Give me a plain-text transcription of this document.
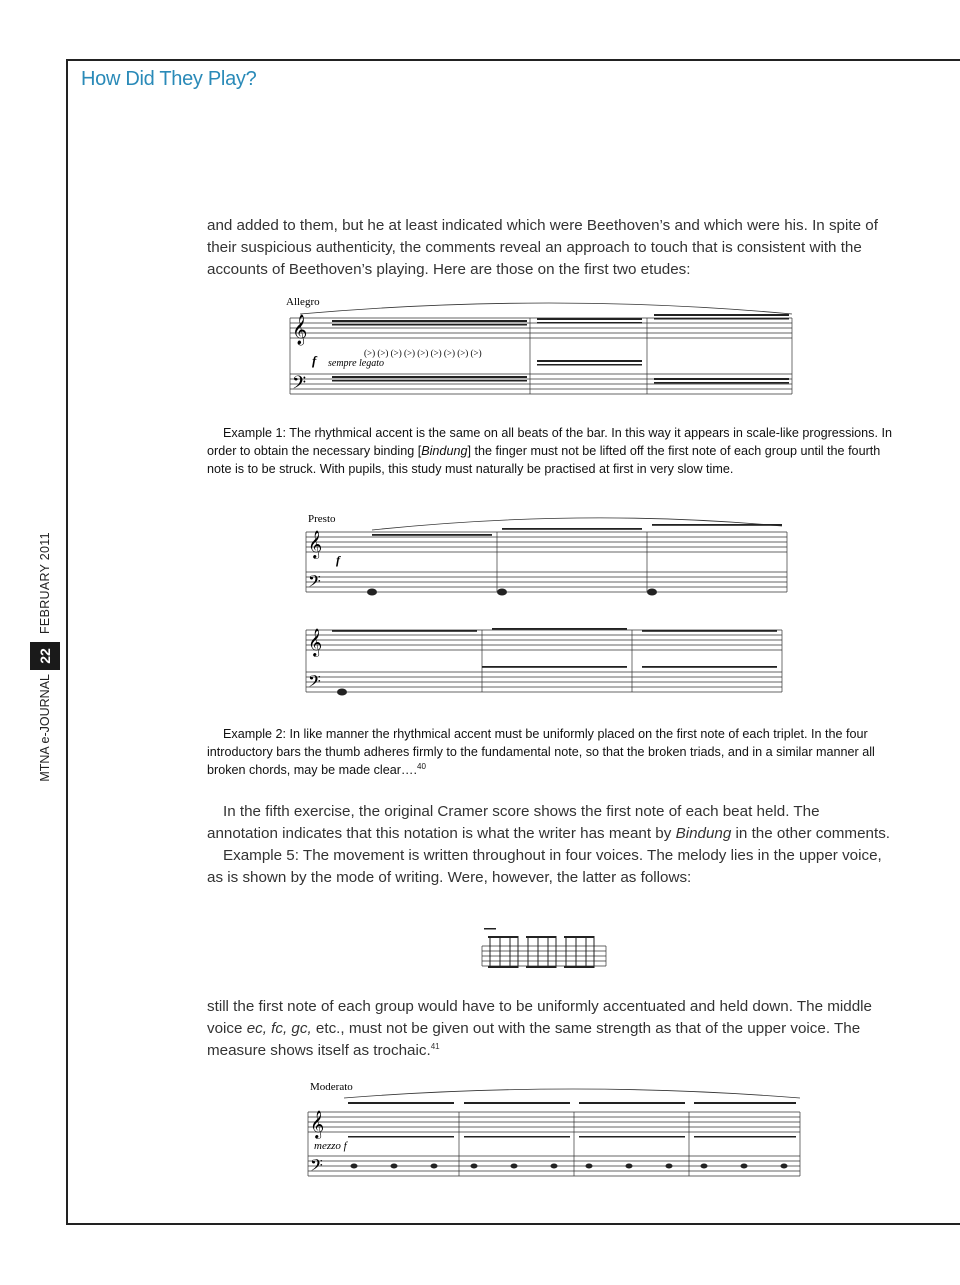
How Did They Play?
MTNA e-JOURNAL
22
FEBRUARY 2011

and added to them, but he at least indicated which were Beethoven’s and which were his. In spite of their suspicious authenticity, the comments reveal an approach to touch that is consistent with the accounts of Beethoven’s playing. Here are those on the first two etudes:

Allegro
𝄞
𝄢
f sempre legato
(>) (>) (>) (>) (>) (>) (>) (>) (>)

Example 1: The rhythmical accent is the same on all beats of the bar. In this way it appears in scale-like progressions. In order to obtain the necessary binding [Bindung] the finger must not be lifted off the first note of each group until the fourth note is to be struck. With pupils, this study must naturally be practised at first in very slow time.

Presto
𝄞
𝄢
𝄞
𝄢
f

Example 2: In like manner the rhythmical accent must be uniformly placed on the first note of each triplet. In the four introductory bars the thumb adheres firmly to the fundamental note, so that the broken triads, and in a similar manner all broken chords, may be made clear….$^{40}$

In the fifth exercise, the original Cramer score shows the first note of each beat held. The annotation indicates that this notation is what the writer has meant by Bindung in the other comments.

Example 5: The movement is written throughout in four voices. The melody lies in the upper voice, as is shown by the mode of writing. Were, however, the latter as follows:

still the first note of each group would have to be uniformly accentuated and held down. The middle voice ec, fc, gc, etc., must not be given out with the same strength as that of the upper voice. The measure shows itself as trochaic.$^{41}$

Moderato
𝄞
𝄢
mezzo f
